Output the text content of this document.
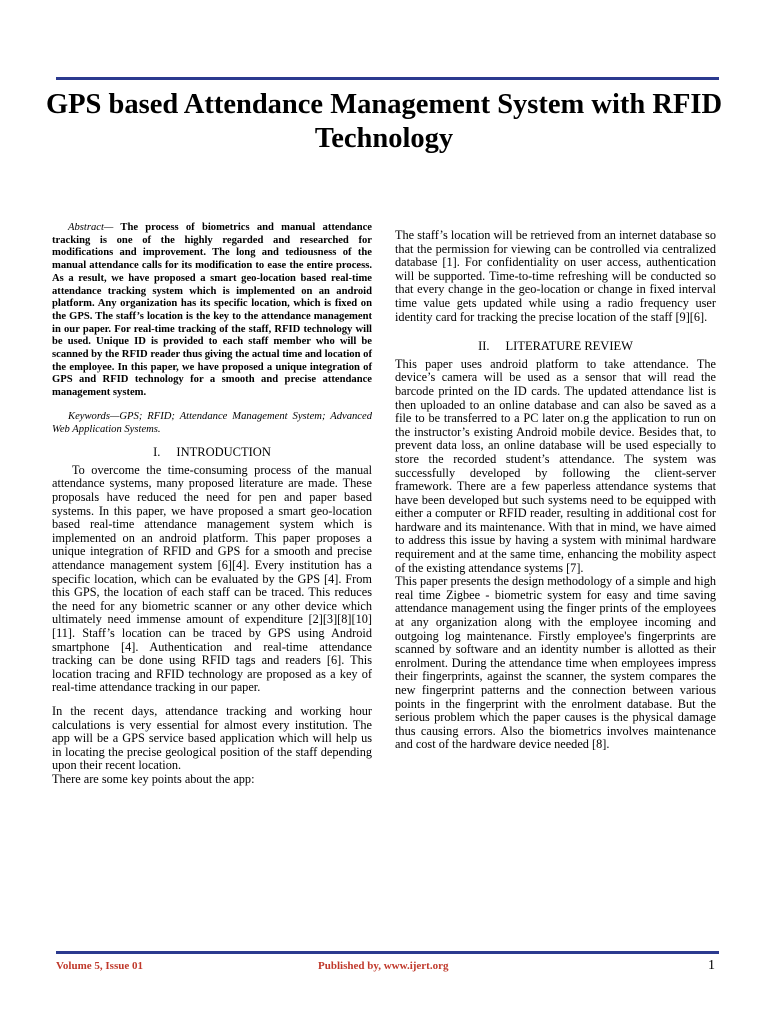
GPS based Attendance Management System with RFID Technology

Abstract— The process of biometrics and manual attendance tracking is one of the highly regarded and researched for modifications and improvement. The long and tediousness of the manual attendance calls for its modification to ease the entire process. As a result, we have proposed a smart geo-location based real-time attendance tracking system which is implemented on an android platform. Any organization has its specific location, which is fixed on the GPS. The staff’s location is the key to the attendance management in our paper. For real-time tracking of the staff, RFID technology will be used. Unique ID is provided to each staff member who will be scanned by the RFID reader thus giving the actual time and location of the employee. In this paper, we have proposed a unique integration of GPS and RFID technology for a smooth and precise attendance management system.

Keywords—GPS; RFID; Attendance Management System; Advanced Web Application Systems.

I. INTRODUCTION

To overcome the time-consuming process of the manual attendance systems, many proposed literature are made. These proposals have reduced the need for pen and paper based systems. In this paper, we have proposed a smart geo-location based real-time attendance management system which is implemented on an android platform. This paper proposes a unique integration of RFID and GPS for a smooth and precise attendance management system [6][4]. Every institution has a specific location, which can be evaluated by the GPS [4]. From this GPS, the location of each staff can be traced. This reduces the need for any biometric scanner or any other device which ultimately need immense amount of expenditure [2][3][8][10][11]. Staff’s location can be traced by GPS using Android smartphone [4]. Authentication and real-time attendance tracking can be done using RFID tags and readers [6]. This location tracing and RFID technology are proposed as a key of real-time attendance tracking in our paper.

In the recent days, attendance tracking and working hour calculations is very essential for almost every institution. The app will be a GPS service based application which will help us in locating the precise geological position of the staff depending upon their recent location.

There are some key points about the app:

The staff’s location will be retrieved from an internet database so that the permission for viewing can be controlled via centralized database [1]. For confidentiality on user access, authentication will be supported. Time-to-time refreshing will be conducted so that every change in the geo-location or change in fixed interval time value gets updated while using a radio frequency user identity card for tracking the precise location of the staff [9][6].

II. LITERATURE REVIEW

This paper uses android platform to take attendance. The device’s camera will be used as a sensor that will read the barcode printed on the ID cards. The updated attendance list is then uploaded to an online database and can also be saved as a file to be transferred to a PC later on.g the application to run on the instructor’s existing Android mobile device. Besides that, to prevent data loss, an online database will be used especially to store the recorded student’s attendance. The system was successfully developed by following the client-server framework. There are a few paperless attendance systems that have been developed but such systems need to be equipped with either a computer or RFID reader, resulting in additional cost for hardware and its maintenance. With that in mind, we have aimed to address this issue by having a system with minimal hardware requirement and at the same time, enhancing the mobility aspect of the existing attendance systems [7].

This paper presents the design methodology of a simple and high real time Zigbee - biometric system for easy and time saving attendance management using the finger prints of the employees at any organization along with the employee incoming and outgoing log maintenance. Firstly employee's fingerprints are scanned by software and an identity number is allotted as their enrolment. During the attendance time when employees impress their fingerprints, against the scanner, the system compares the new fingerprint patterns and the connection between various points in the fingerprint with the enrolment database. But the serious problem which the paper causes is the physical damage thus causing errors. Also the biometrics involves maintenance and cost of the hardware device needed [8].

Volume 5, Issue 01	Published by, www.ijert.org	1
